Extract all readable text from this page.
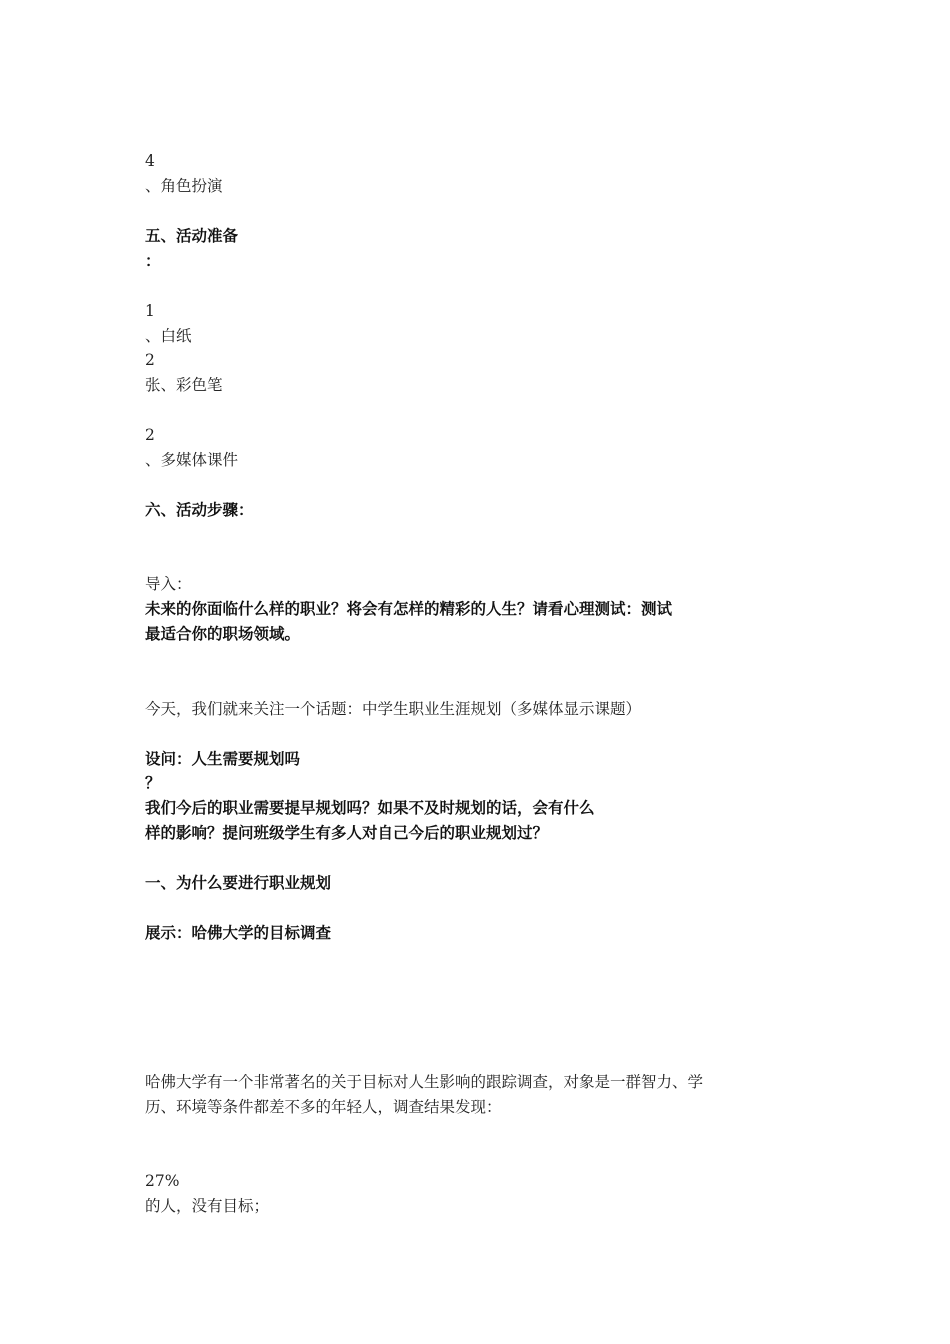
4

、角色扮演

五、活动准备

：

1

、白纸

2

张、彩色笔

2

、多媒体课件

六、活动步骤：

导入：

未来的你面临什么样的职业？将会有怎样的精彩的人生？请看心理测试：测试

最适合你的职场领域。

今天，我们就来关注一个话题：中学生职业生涯规划（多媒体显示课题）

设问：人生需要规划吗

？

我们今后的职业需要提早规划吗？如果不及时规划的话，会有什么

样的影响？提问班级学生有多人对自己今后的职业规划过？

一、为什么要进行职业规划

展示：哈佛大学的目标调查

哈佛大学有一个非常著名的关于目标对人生影响的跟踪调查，对象是一群智力、学

历、环境等条件都差不多的年轻人，调查结果发现：

27%

的人，没有目标；
